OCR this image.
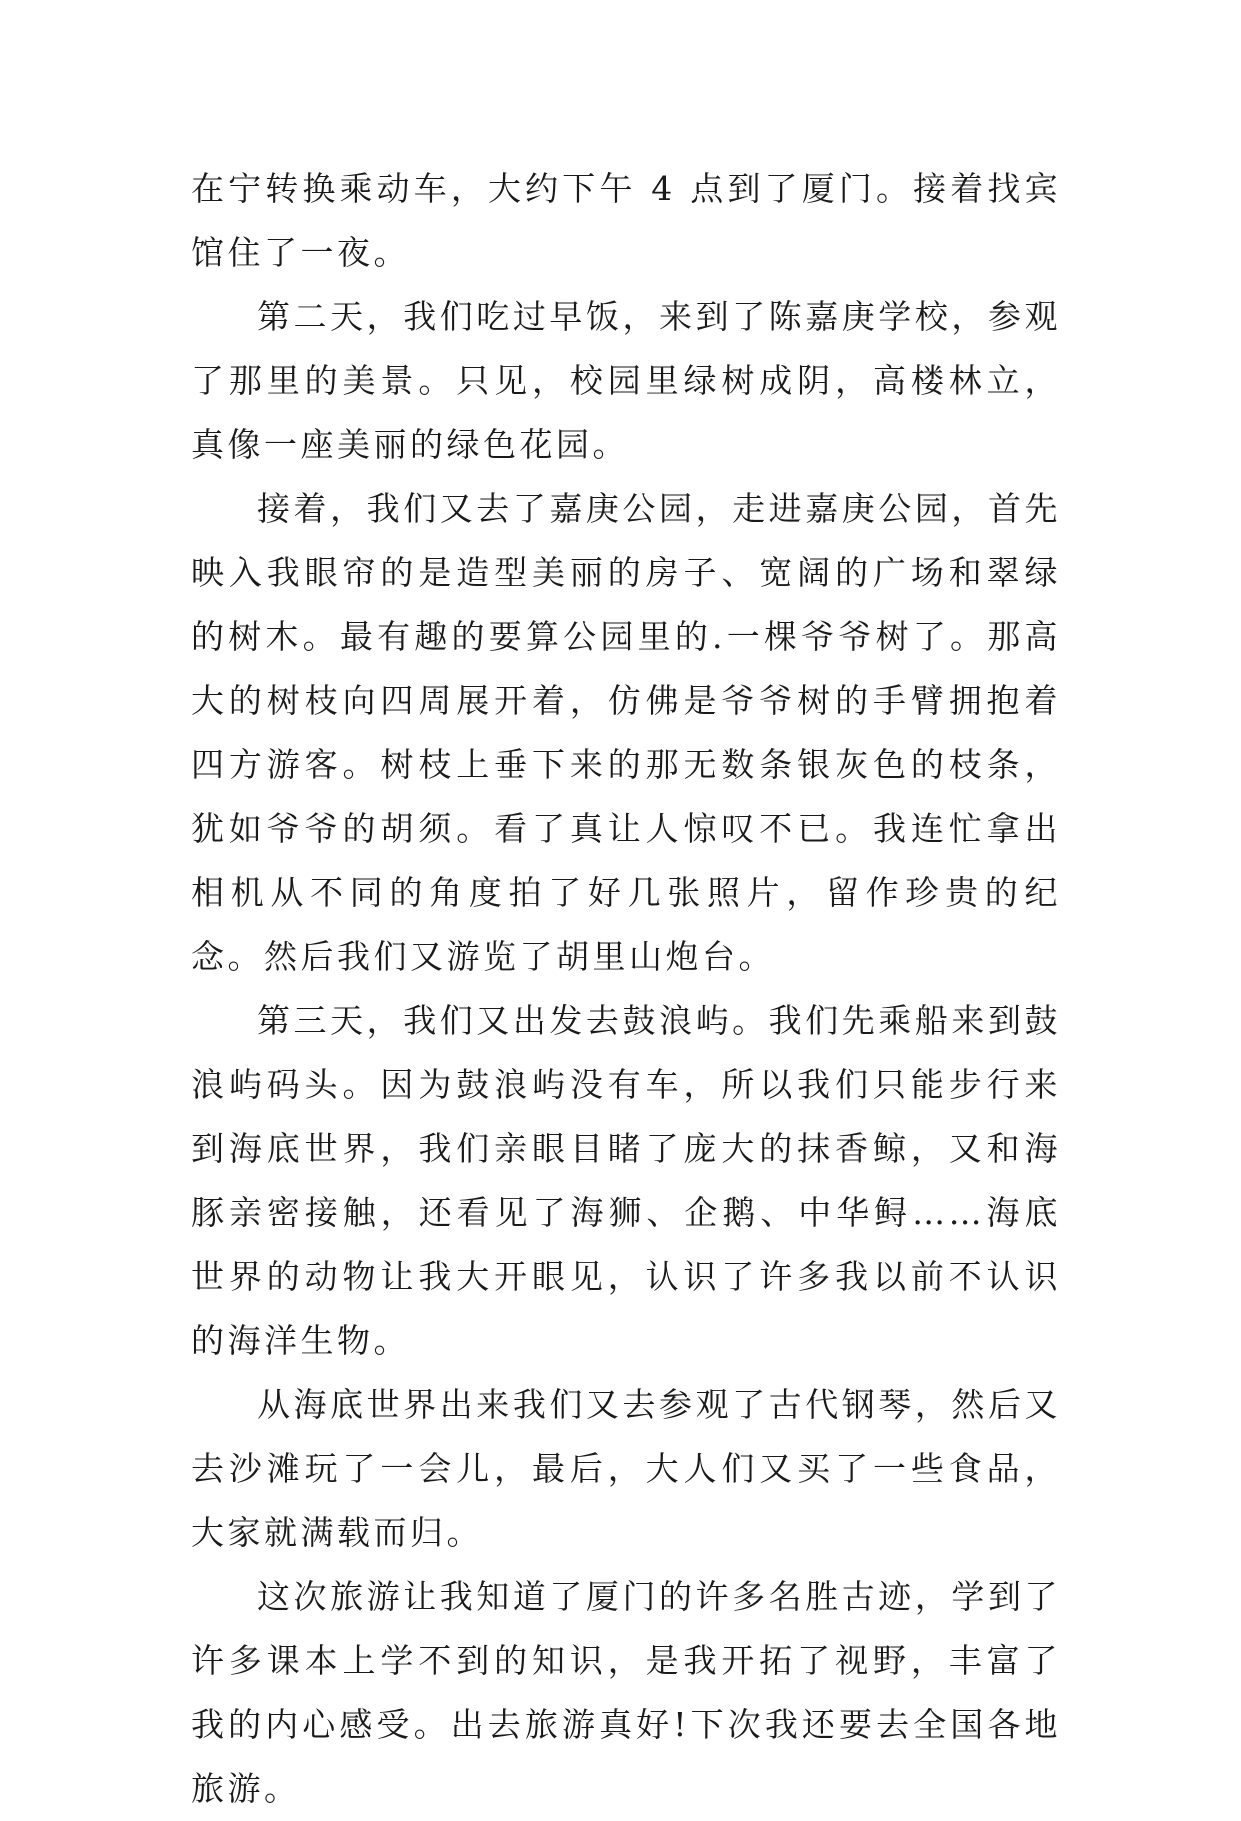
在宁转换乘动车，大约下午 4 点到了厦门。接着找宾馆住了一夜。

第二天，我们吃过早饭，来到了陈嘉庚学校，参观了那里的美景。只见，校园里绿树成阴，高楼林立，真像一座美丽的绿色花园。

接着，我们又去了嘉庚公园，走进嘉庚公园，首先映入我眼帘的是造型美丽的房子、宽阔的广场和翠绿的树木。最有趣的要算公园里的.一棵爷爷树了。那高大的树枝向四周展开着，仿佛是爷爷树的手臂拥抱着四方游客。树枝上垂下来的那无数条银灰色的枝条，犹如爷爷的胡须。看了真让人惊叹不已。我连忙拿出相机从不同的角度拍了好几张照片，留作珍贵的纪念。然后我们又游览了胡里山炮台。

第三天，我们又出发去鼓浪屿。我们先乘船来到鼓浪屿码头。因为鼓浪屿没有车，所以我们只能步行来到海底世界，我们亲眼目睹了庞大的抹香鲸，又和海豚亲密接触，还看见了海狮、企鹅、中华鲟……海底世界的动物让我大开眼见，认识了许多我以前不认识的海洋生物。

从海底世界出来我们又去参观了古代钢琴，然后又去沙滩玩了一会儿，最后，大人们又买了一些食品，大家就满载而归。

这次旅游让我知道了厦门的许多名胜古迹，学到了许多课本上学不到的知识，是我开拓了视野，丰富了我的内心感受。出去旅游真好!下次我还要去全国各地旅游。
